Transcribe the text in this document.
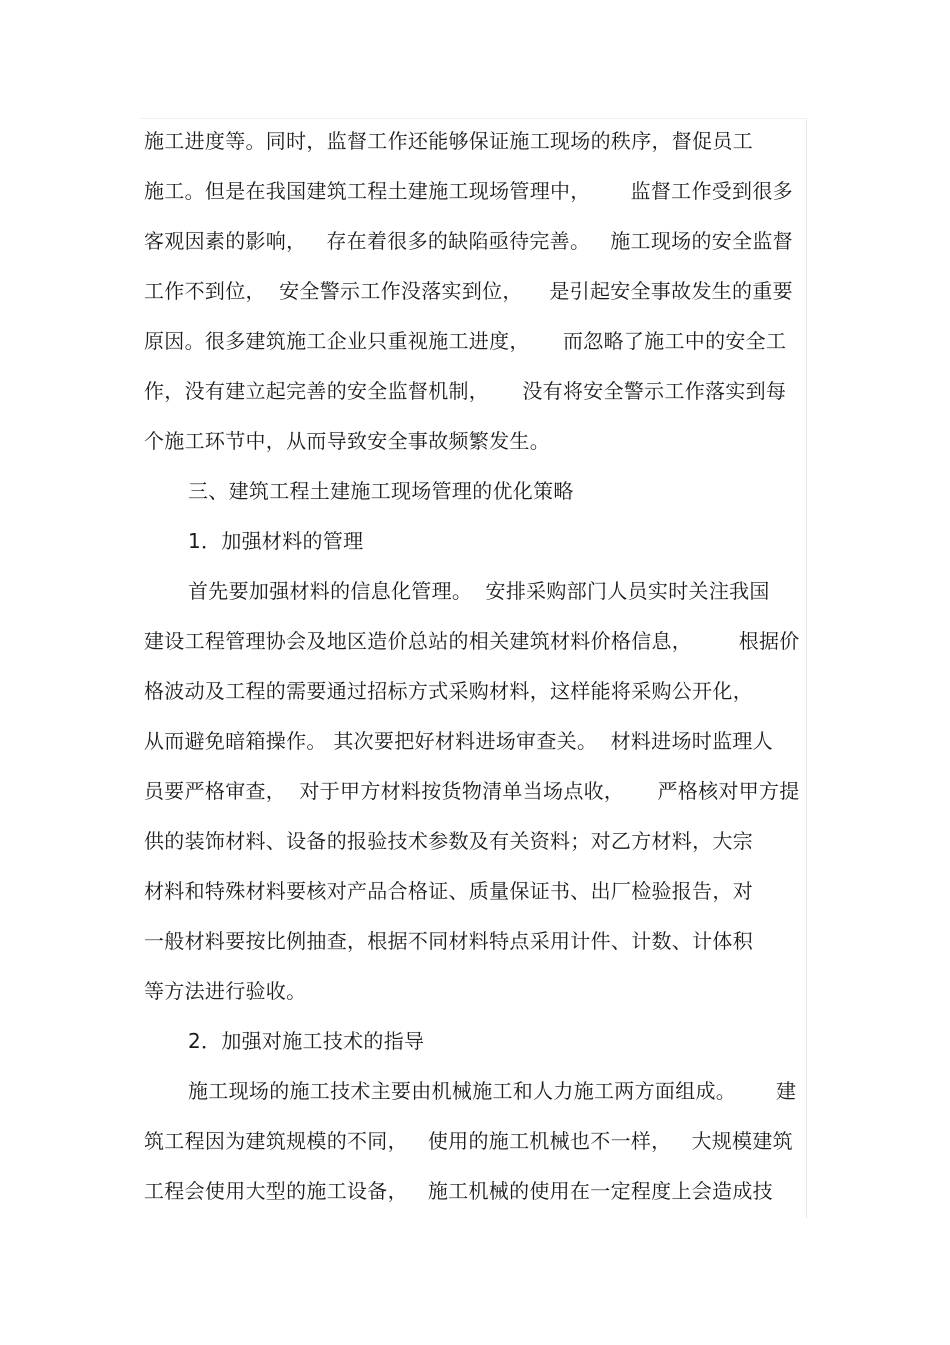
施工进度等。同时，监督工作还能够保证施工现场的秩序，督促员工
施工。但是在我国建筑工程土建施工现场管理中，      监督工作受到很多
客观因素的影响，   存在着很多的缺陷亟待完善。   施工现场的安全监督
工作不到位，  安全警示工作没落实到位，    是引起安全事故发生的重要
原因。很多建筑施工企业只重视施工进度，     而忽略了施工中的安全工
作，没有建立起完善的安全监督机制，     没有将安全警示工作落实到每
个施工环节中，从而导致安全事故频繁发生。
三、建筑工程土建施工现场管理的优化策略
1．加强材料的管理
首先要加强材料的信息化管理。  安排采购部门人员实时关注我国
建设工程管理协会及地区造价总站的相关建筑材料价格信息，       根据价
格波动及工程的需要通过招标方式采购材料，这样能将采购公开化，
从而避免暗箱操作。 其次要把好材料进场审查关。  材料进场时监理人
员要严格审查，  对于甲方材料按货物清单当场点收，     严格核对甲方提
供的装饰材料、设备的报验技术参数及有关资料；对乙方材料，大宗
材料和特殊材料要核对产品合格证、质量保证书、出厂检验报告，对
一般材料要按比例抽查，根据不同材料特点采用计件、计数、计体积
等方法进行验收。
2．加强对施工技术的指导
施工现场的施工技术主要由机械施工和人力施工两方面组成。      建
筑工程因为建筑规模的不同，   使用的施工机械也不一样，   大规模建筑
工程会使用大型的施工设备，   施工机械的使用在一定程度上会造成技
